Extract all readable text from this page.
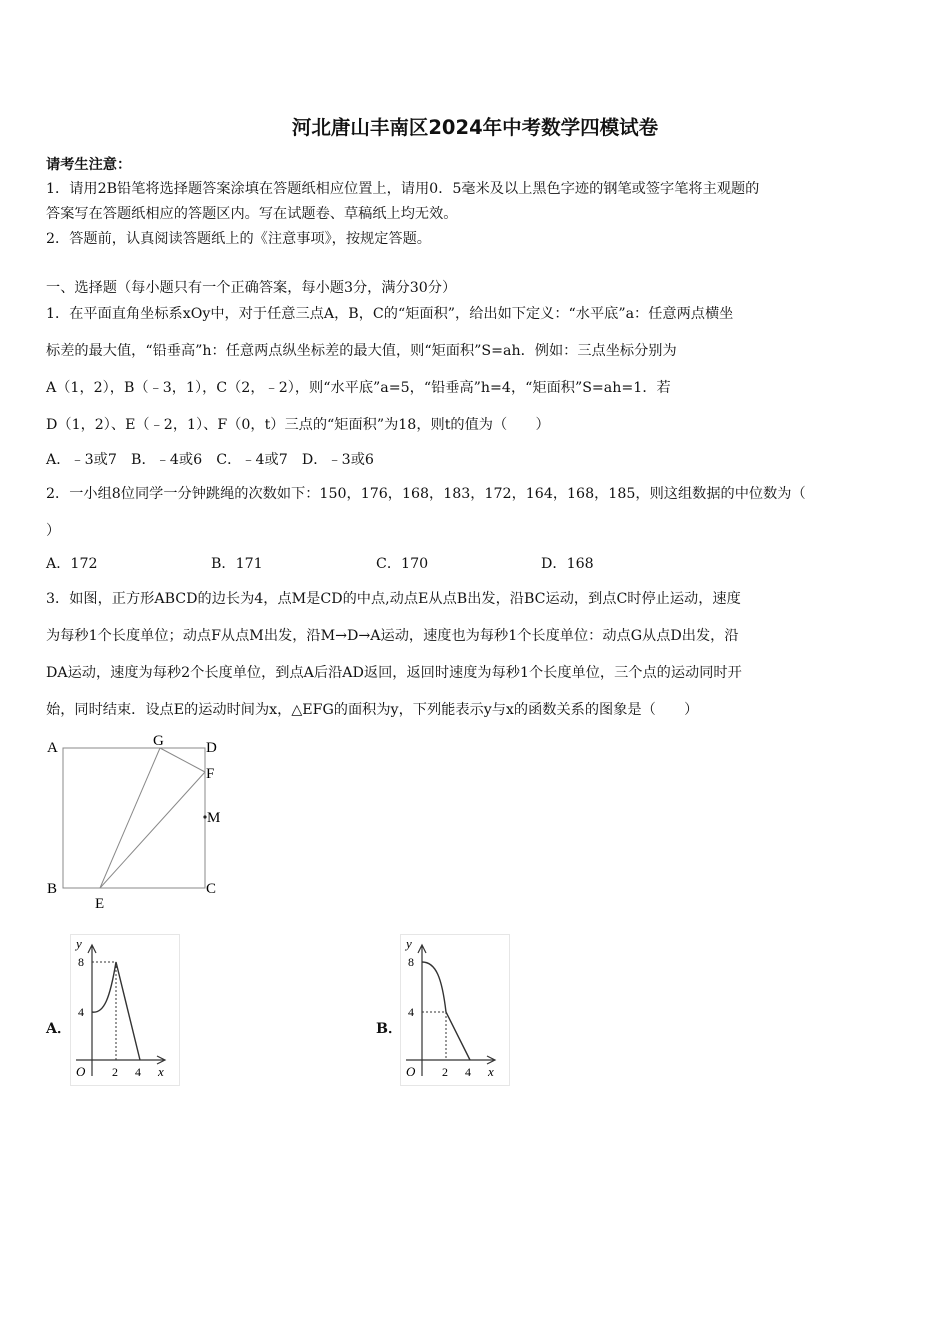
河北唐山丰南区2024年中考数学四模试卷
请考生注意：
1．请用2B铅笔将选择题答案涂填在答题纸相应位置上，请用0．5毫米及以上黑色字迹的钢笔或签字笔将主观题的
答案写在答题纸相应的答题区内。写在试题卷、草稿纸上均无效。
2．答题前，认真阅读答题纸上的《注意事项》，按规定答题。
一、选择题（每小题只有一个正确答案，每小题3分，满分30分）
1．在平面直角坐标系xOy中，对于任意三点A，B，C的“矩面积”，给出如下定义：“水平底”a：任意两点横坐
标差的最大值，“铅垂高”h：任意两点纵坐标差的最大值，则“矩面积”S=ah．例如：三点坐标分别为
A（1，2），B（﹣3，1），C（2，﹣2），则“水平底”a=5，“铅垂高”h=4，“矩面积”S=ah=1．若
D（1，2）、E（﹣2，1）、F（0，t）三点的“矩面积”为18，则t的值为（　　）
A．﹣3或7　B．﹣4或6　C．﹣4或7　D．﹣3或6
2．一小组8位同学一分钟跳绳的次数如下：150，176，168，183，172，164，168，185，则这组数据的中位数为（
）
A．172	B．171	C．170	D．168
3．如图，正方形ABCD的边长为4，点M是CD的中点,动点E从点B出发，沿BC运动，到点C时停止运动，速度
为每秒1个长度单位；动点F从点M出发，沿M→D→A运动，速度也为每秒1个长度单位：动点G从点D出发，沿
DA运动，速度为每秒2个长度单位，到点A后沿AD返回，返回时速度为每秒1个长度单位，三个点的运动同时开
始，同时结束．设点E的运动时间为x，△EFG的面积为y，下列能表示y与x的函数关系的图象是（　　）
A	G	D
F
M
B
E
C
A．
y
8
4
O 2 4 x
B．
y
8
4
O 2 4 x
